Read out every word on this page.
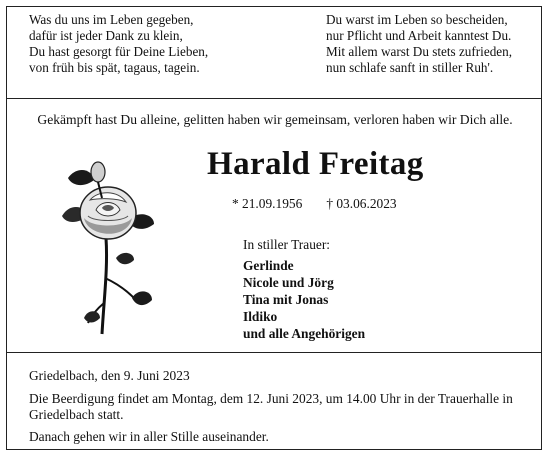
Was du uns im Leben gegeben,
dafür ist jeder Dank zu klein,
Du hast gesorgt für Deine Lieben,
von früh bis spät, tagaus, tagein.
Du warst im Leben so bescheiden,
nur Pflicht und Arbeit kanntest Du.
Mit allem warst Du stets zufrieden,
nun schlafe sanft in stiller Ruh'.
Gekämpft hast Du alleine, gelitten haben wir gemeinsam, verloren haben wir Dich alle.
Harald Freitag
* 21.09.1956 † 03.06.2023
In stiller Trauer:
Gerlinde
Nicole und Jörg
Tina mit Jonas
Ildiko
und alle Angehörigen
Griedelbach, den 9. Juni 2023
Die Beerdigung findet am Montag, dem 12. Juni 2023, um 14.00 Uhr in der Trauerhalle in Griedelbach statt.
Danach gehen wir in aller Stille auseinander.
